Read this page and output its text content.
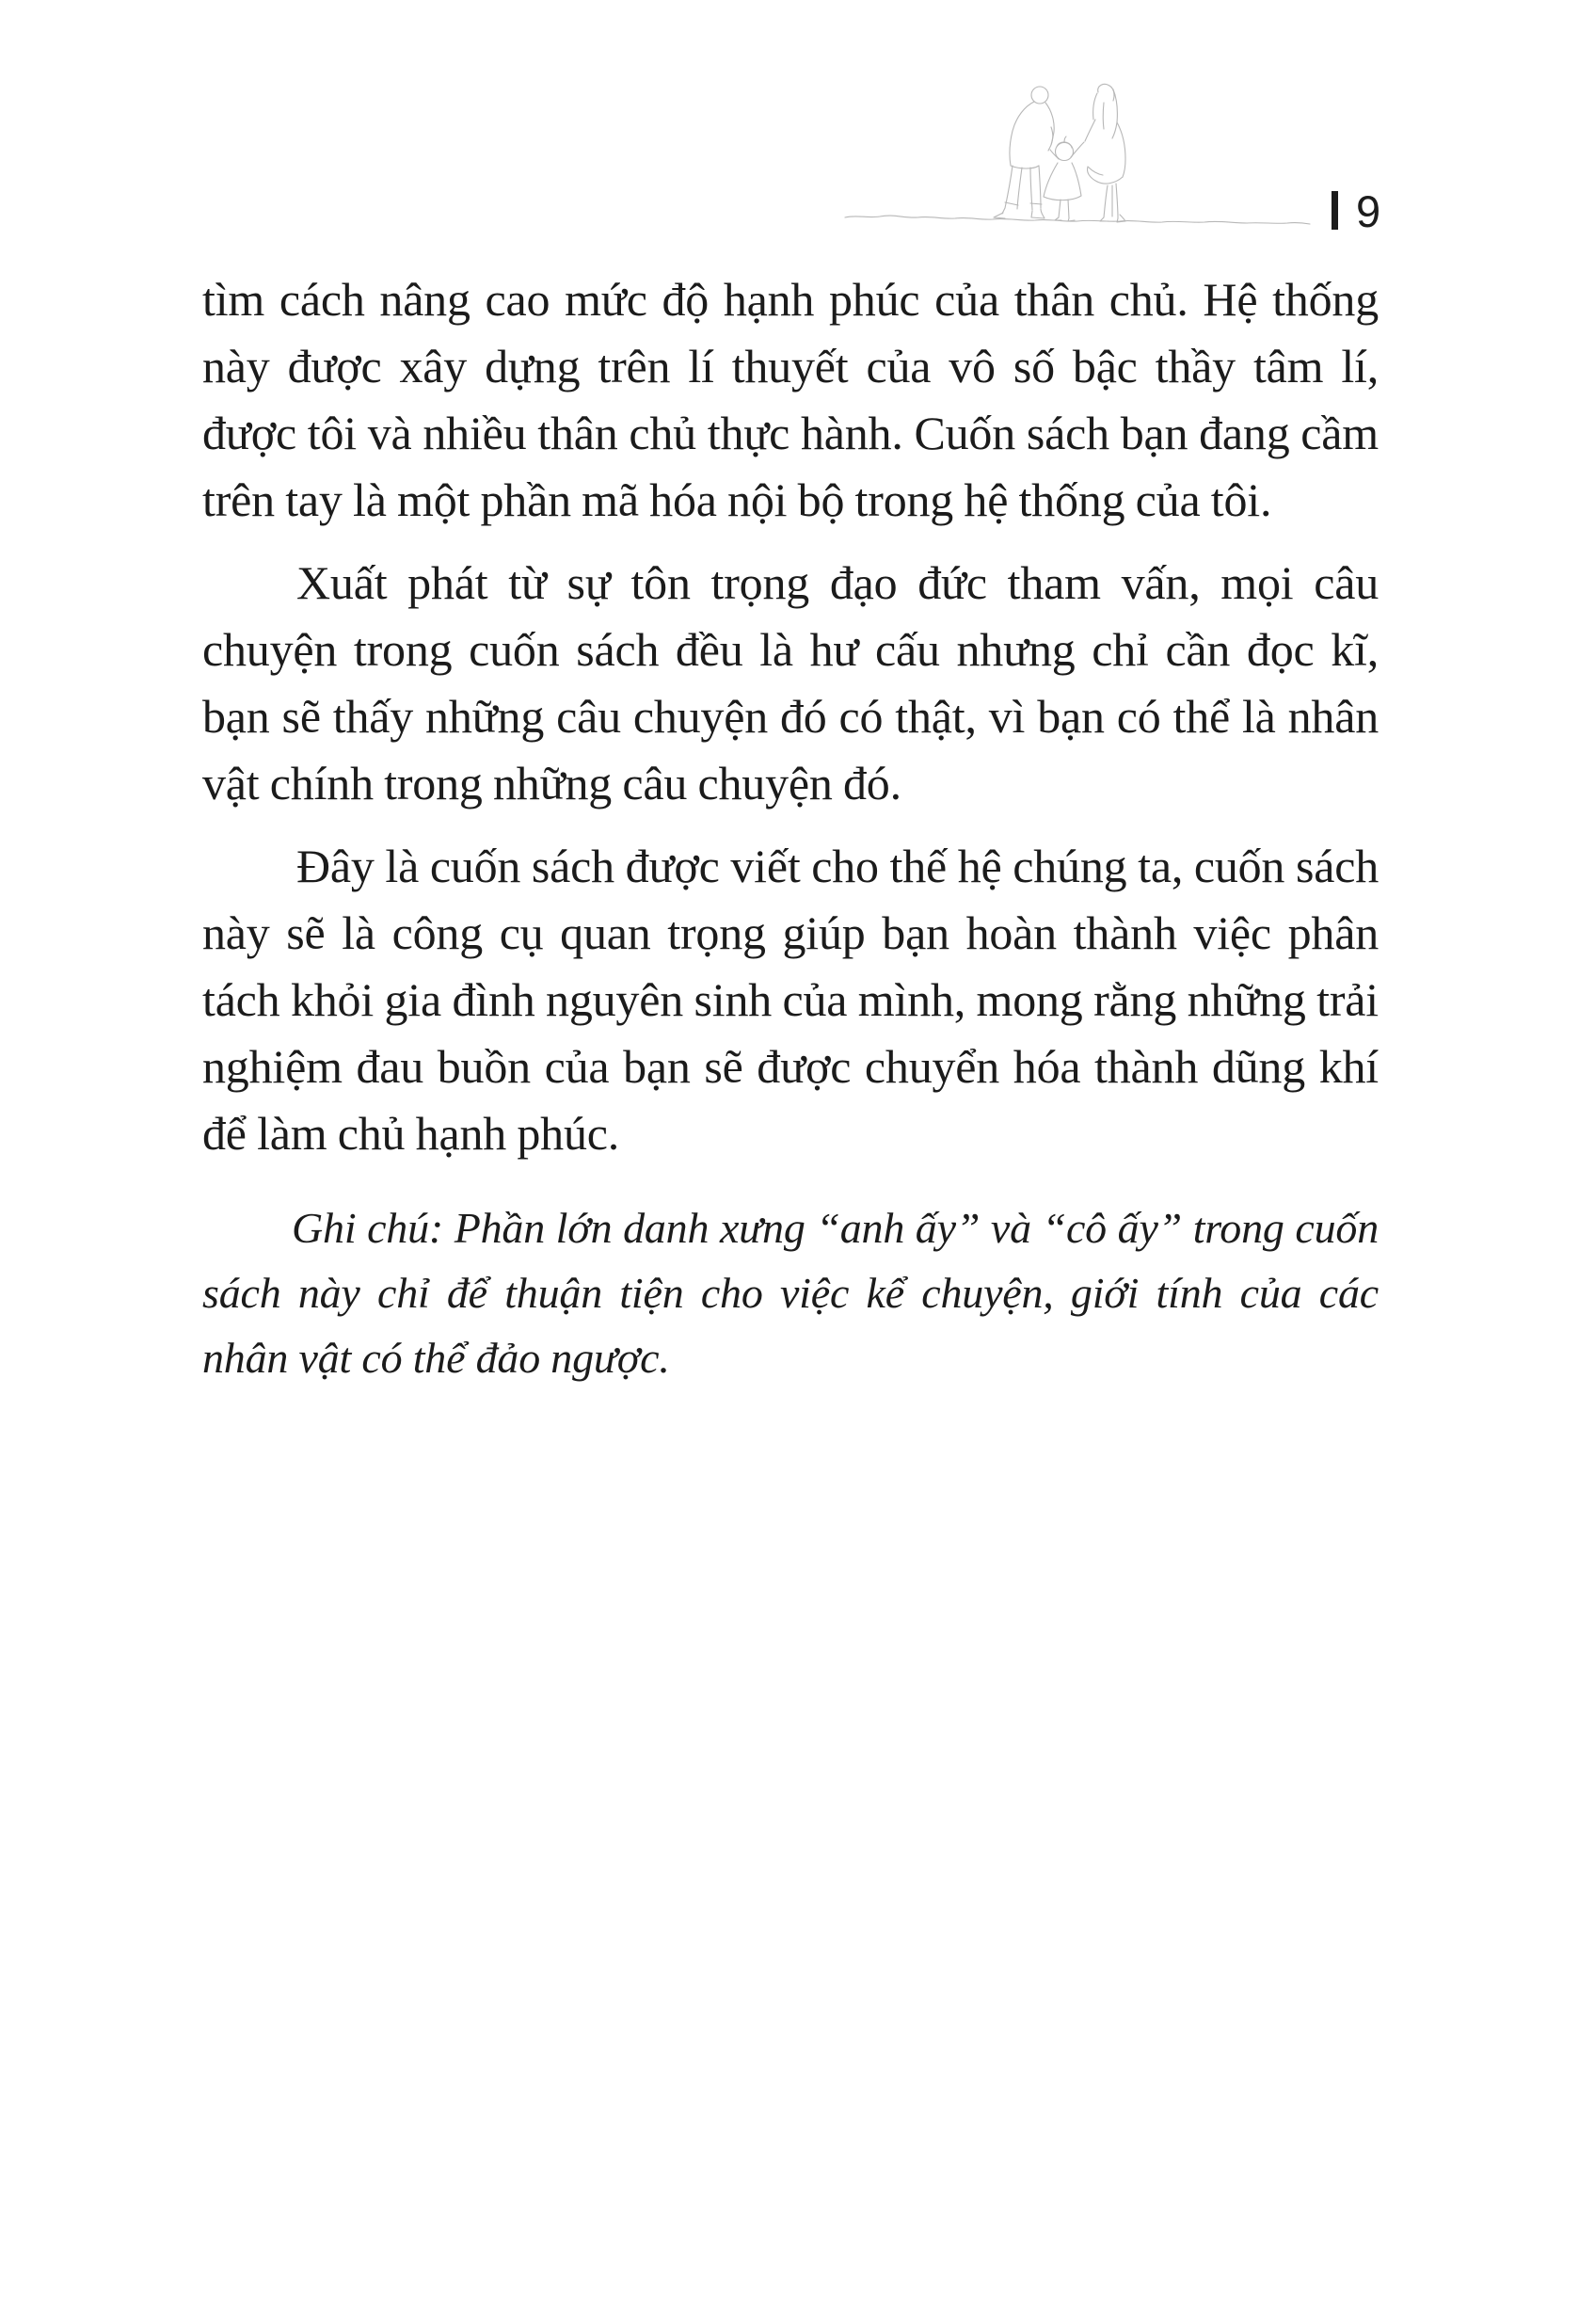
9

tìm cách nâng cao mức độ hạnh phúc của thân chủ. Hệ thống này được xây dựng trên lí thuyết của vô số bậc thầy tâm lí, được tôi và nhiều thân chủ thực hành. Cuốn sách bạn đang cầm trên tay là một phần mã hóa nội bộ trong hệ thống của tôi.

Xuất phát từ sự tôn trọng đạo đức tham vấn, mọi câu chuyện trong cuốn sách đều là hư cấu nhưng chỉ cần đọc kĩ, bạn sẽ thấy những câu chuyện đó có thật, vì bạn có thể là nhân vật chính trong những câu chuyện đó.

Đây là cuốn sách được viết cho thế hệ chúng ta, cuốn sách này sẽ là công cụ quan trọng giúp bạn hoàn thành việc phân tách khỏi gia đình nguyên sinh của mình, mong rằng những trải nghiệm đau buồn của bạn sẽ được chuyển hóa thành dũng khí để làm chủ hạnh phúc.

Ghi chú: Phần lớn danh xưng “anh ấy” và “cô ấy” trong cuốn sách này chỉ để thuận tiện cho việc kể chuyện, giới tính của các nhân vật có thể đảo ngược.
